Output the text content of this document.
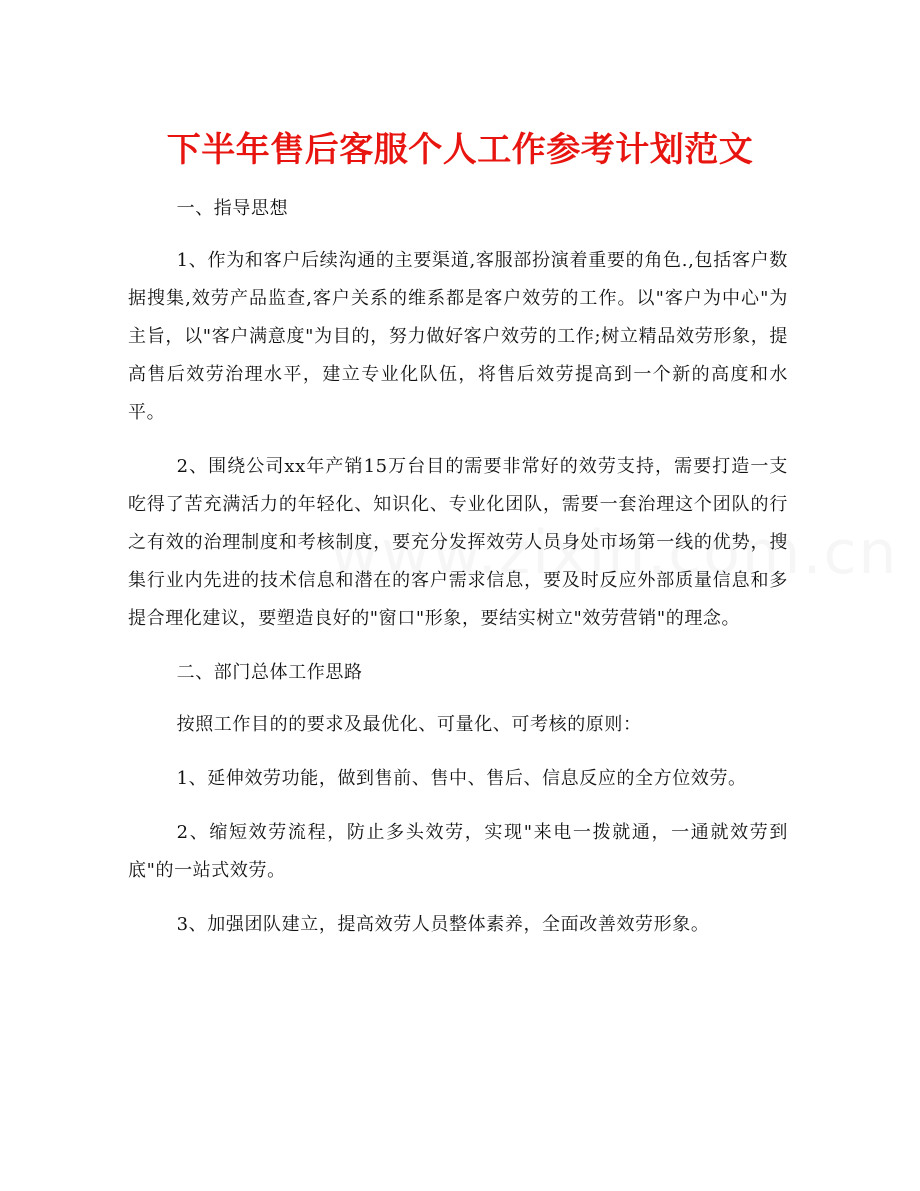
下半年售后客服个人工作参考计划范文

一、指导思想

1、作为和客户后续沟通的主要渠道,客服部扮演着重要的角色.,包括客户数据搜集,效劳产品监查,客户关系的维系都是客户效劳的工作。以"客户为中心"为主旨，以"客户满意度"为目的，努力做好客户效劳的工作;树立精品效劳形象，提高售后效劳治理水平，建立专业化队伍，将售后效劳提高到一个新的高度和水平。

2、围绕公司xx年产销15万台目的需要非常好的效劳支持，需要打造一支吃得了苦充满活力的年轻化、知识化、专业化团队，需要一套治理这个团队的行之有效的治理制度和考核制度，要充分发挥效劳人员身处市场第一线的优势，搜集行业内先进的技术信息和潜在的客户需求信息，要及时反应外部质量信息和多提合理化建议，要塑造良好的"窗口"形象，要结实树立"效劳营销"的理念。

二、部门总体工作思路

按照工作目的的要求及最优化、可量化、可考核的原则：

1、延伸效劳功能，做到售前、售中、售后、信息反应的全方位效劳。

2、缩短效劳流程，防止多头效劳，实现"来电一拨就通，一通就效劳到底"的一站式效劳。

3、加强团队建立，提高效劳人员整体素养，全面改善效劳形象。
